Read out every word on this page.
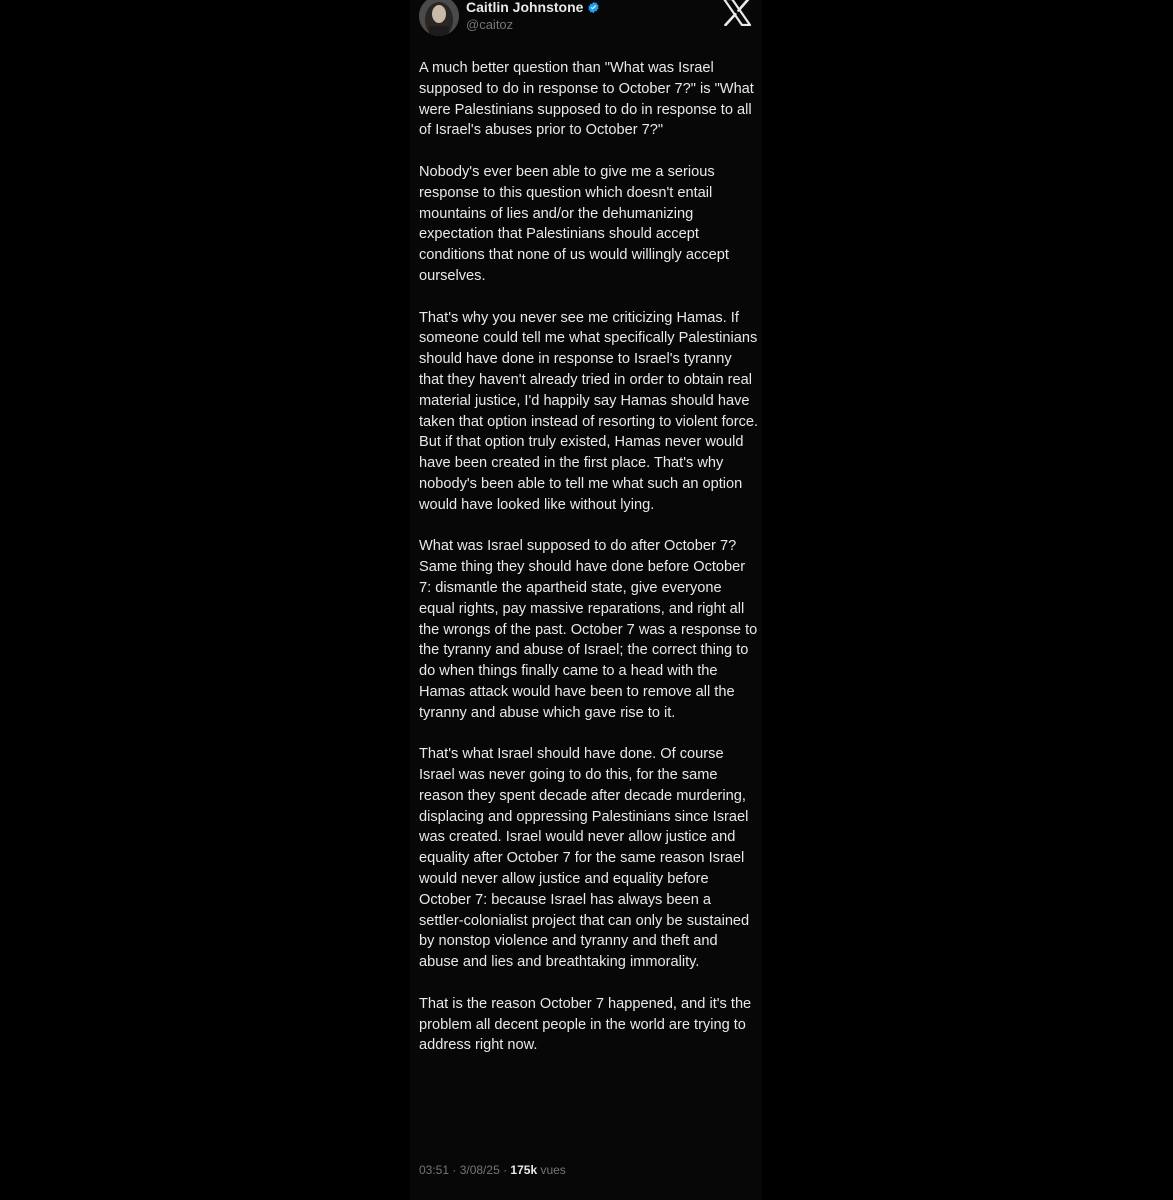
Caitlin Johnstone
@caitoz

A much better question than "What was Israel supposed to do in response to October 7?" is "What were Palestinians supposed to do in response to all of Israel's abuses prior to October 7?"

Nobody's ever been able to give me a serious response to this question which doesn't entail mountains of lies and/or the dehumanizing expectation that Palestinians should accept conditions that none of us would willingly accept ourselves.

That's why you never see me criticizing Hamas. If someone could tell me what specifically Palestinians should have done in response to Israel's tyranny that they haven't already tried in order to obtain real material justice, I'd happily say Hamas should have taken that option instead of resorting to violent force. But if that option truly existed, Hamas never would have been created in the first place. That's why nobody's been able to tell me what such an option would have looked like without lying.

What was Israel supposed to do after October 7? Same thing they should have done before October 7: dismantle the apartheid state, give everyone equal rights, pay massive reparations, and right all the wrongs of the past. October 7 was a response to the tyranny and abuse of Israel; the correct thing to do when things finally came to a head with the Hamas attack would have been to remove all the tyranny and abuse which gave rise to it.

That's what Israel should have done. Of course Israel was never going to do this, for the same reason they spent decade after decade murdering, displacing and oppressing Palestinians since Israel was created. Israel would never allow justice and equality after October 7 for the same reason Israel would never allow justice and equality before October 7: because Israel has always been a settler-colonialist project that can only be sustained by nonstop violence and tyranny and theft and abuse and lies and breathtaking immorality.

That is the reason October 7 happened, and it's the problem all decent people in the world are trying to address right now.

03:51 · 3/08/25 · 175k vues
